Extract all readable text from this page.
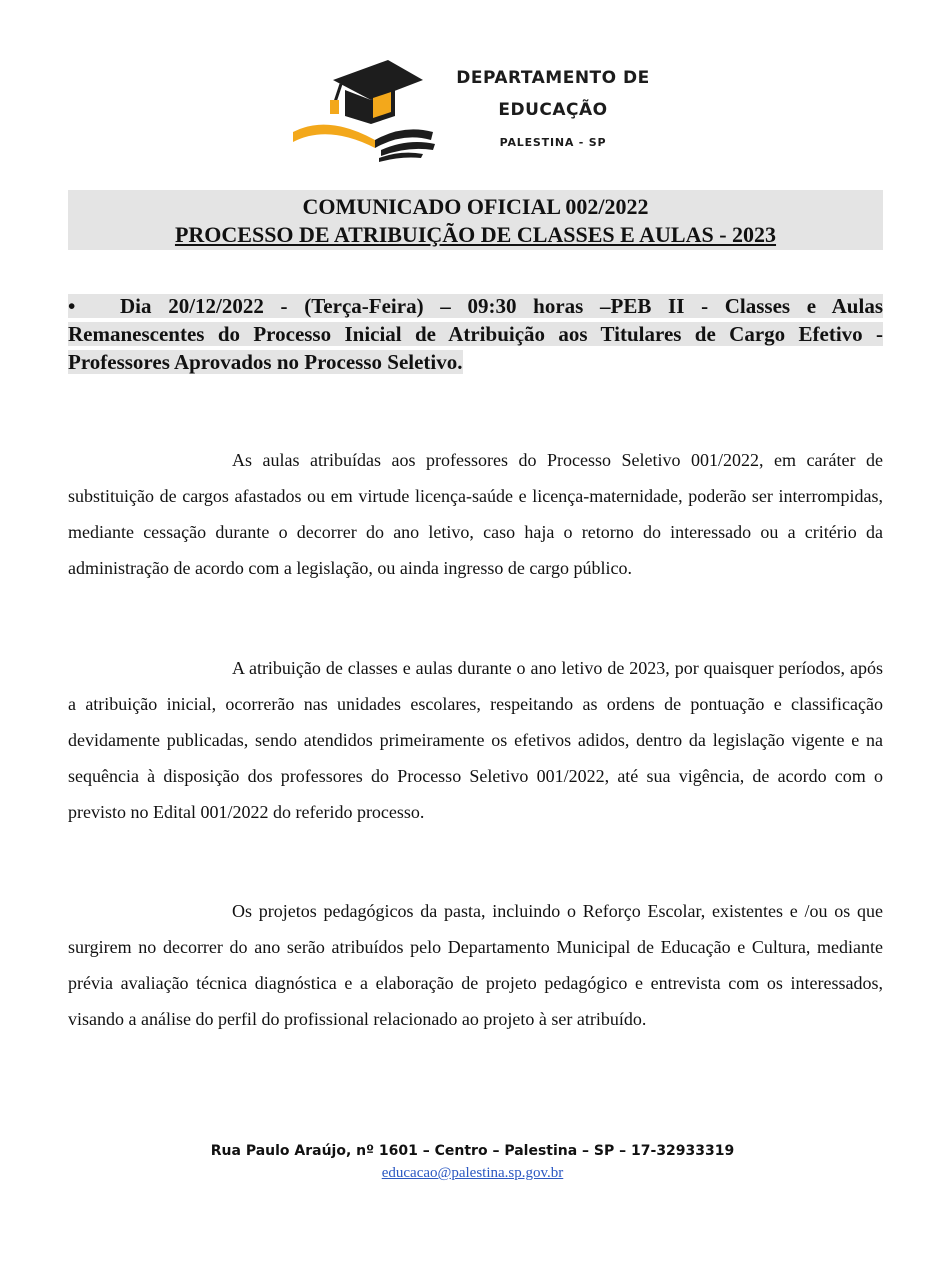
DEPARTAMENTO DE
EDUCAÇÃO
PALESTINA - SP
COMUNICADO OFICIAL 002/2022
PROCESSO DE ATRIBUIÇÃO DE CLASSES E AULAS - 2023
• Dia 20/12/2022 - (Terça-Feira) – 09:30 horas –PEB II - Classes e Aulas Remanescentes do Processo Inicial de Atribuição aos Titulares de Cargo Efetivo - Professores Aprovados no Processo Seletivo.
As aulas atribuídas aos professores do Processo Seletivo 001/2022, em caráter de substituição de cargos afastados ou em virtude licença-saúde e licença-maternidade, poderão ser interrompidas, mediante cessação durante o decorrer do ano letivo, caso haja o retorno do interessado ou a critério da administração de acordo com a legislação, ou ainda ingresso de cargo público.
A atribuição de classes e aulas durante o ano letivo de 2023, por quaisquer períodos, após a atribuição inicial, ocorrerão nas unidades escolares, respeitando as ordens de pontuação e classificação devidamente publicadas, sendo atendidos primeiramente os efetivos adidos, dentro da legislação vigente e na sequência à disposição dos professores do Processo Seletivo 001/2022, até sua vigência, de acordo com o previsto no Edital 001/2022 do referido processo.
Os projetos pedagógicos da pasta, incluindo o Reforço Escolar, existentes e /ou os que surgirem no decorrer do ano serão atribuídos pelo Departamento Municipal de Educação e Cultura, mediante prévia avaliação técnica diagnóstica e a elaboração de projeto pedagógico e entrevista com os interessados, visando a análise do perfil do profissional relacionado ao projeto à ser atribuído.
Rua Paulo Araújo, nº 1601 – Centro – Palestina – SP – 17-32933319
educacao@palestina.sp.gov.br
